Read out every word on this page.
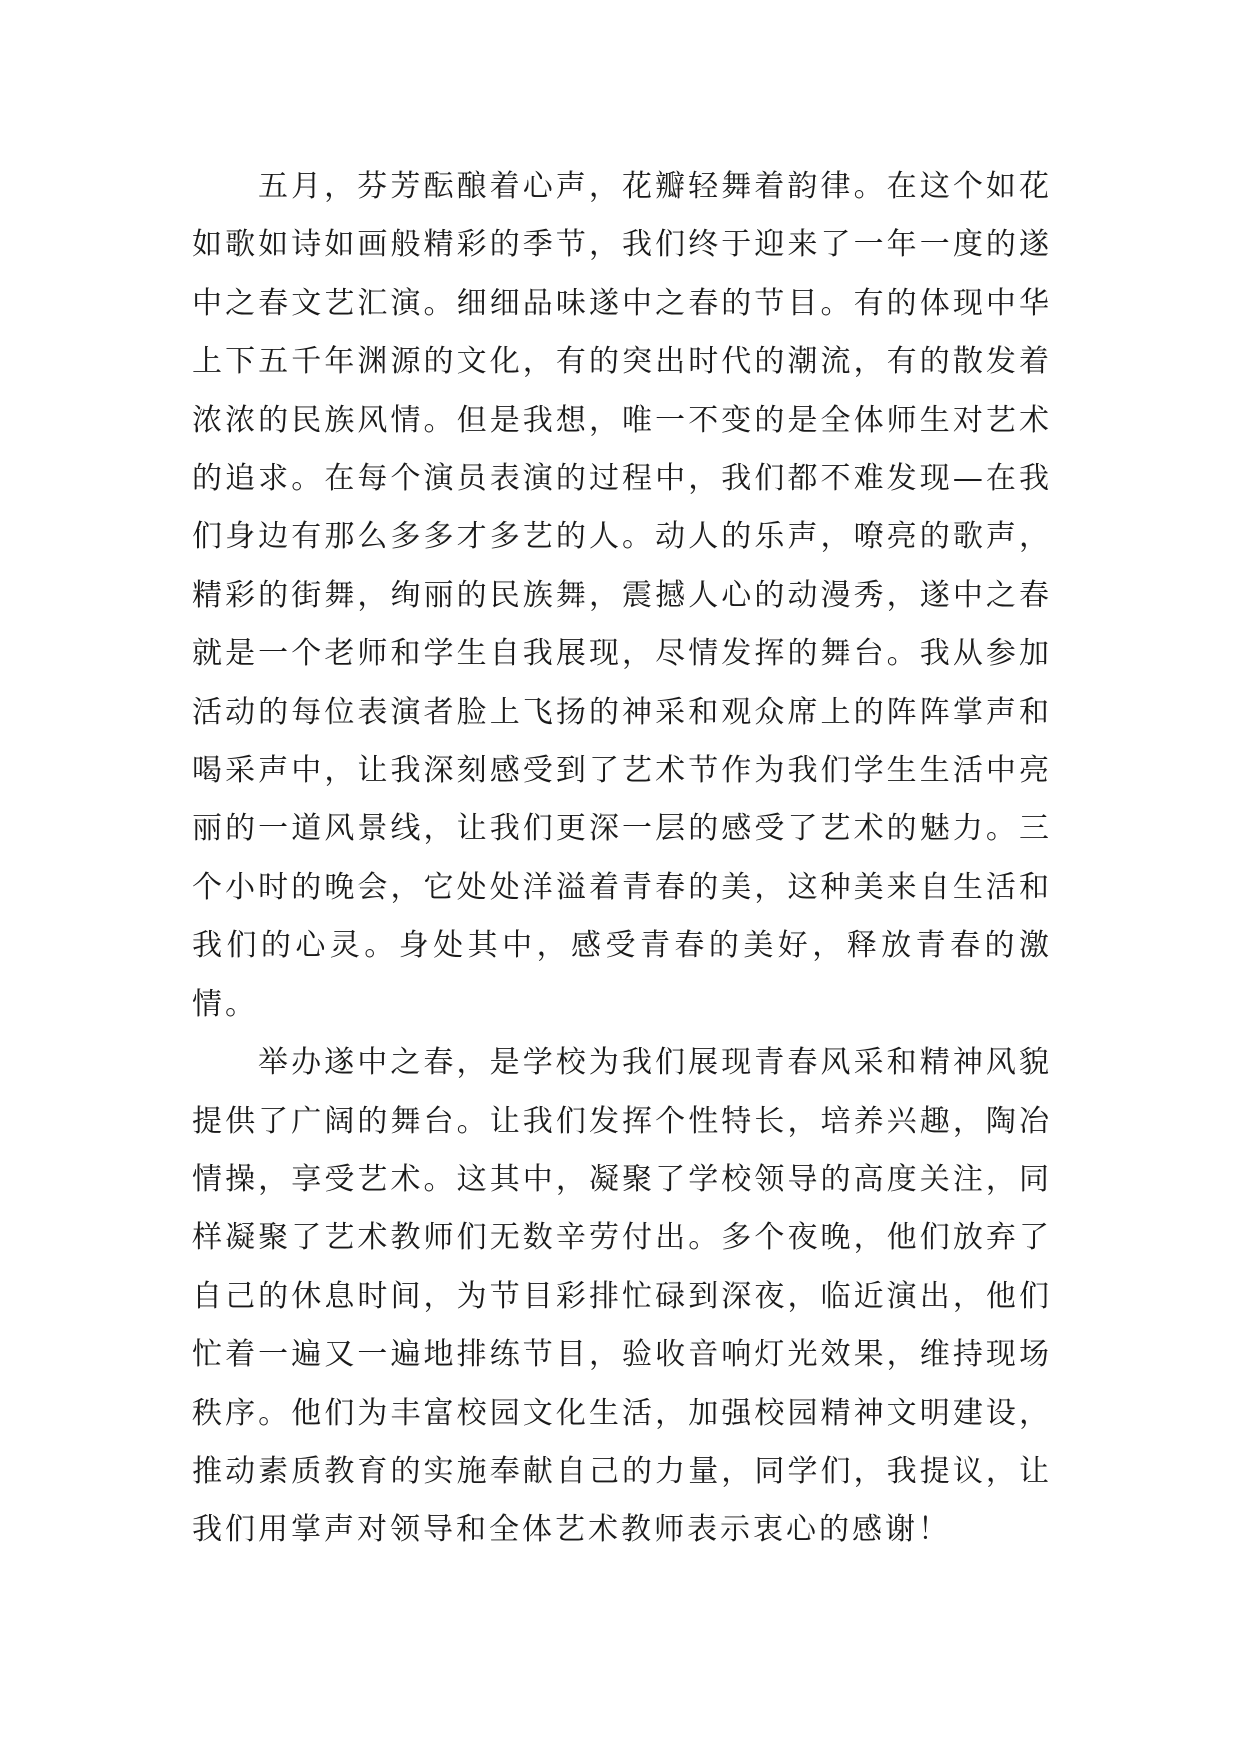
五月，芬芳酝酿着心声，花瓣轻舞着韵律。在这个如花如歌如诗如画般精彩的季节，我们终于迎来了一年一度的遂中之春文艺汇演。细细品味遂中之春的节目。有的体现中华上下五千年渊源的文化，有的突出时代的潮流，有的散发着浓浓的民族风情。但是我想，唯一不变的是全体师生对艺术的追求。在每个演员表演的过程中，我们都不难发现—在我们身边有那么多多才多艺的人。动人的乐声，嘹亮的歌声，精彩的街舞，绚丽的民族舞，震撼人心的动漫秀，遂中之春就是一个老师和学生自我展现，尽情发挥的舞台。我从参加活动的每位表演者脸上飞扬的神采和观众席上的阵阵掌声和喝采声中，让我深刻感受到了艺术节作为我们学生生活中亮丽的一道风景线，让我们更深一层的感受了艺术的魅力。三个小时的晚会，它处处洋溢着青春的美，这种美来自生活和我们的心灵。身处其中，感受青春的美好，释放青春的激情。

举办遂中之春，是学校为我们展现青春风采和精神风貌提供了广阔的舞台。让我们发挥个性特长，培养兴趣，陶冶情操，享受艺术。这其中，凝聚了学校领导的高度关注，同样凝聚了艺术教师们无数辛劳付出。多个夜晚，他们放弃了自己的休息时间，为节目彩排忙碌到深夜，临近演出，他们忙着一遍又一遍地排练节目，验收音响灯光效果，维持现场秩序。他们为丰富校园文化生活，加强校园精神文明建设，推动素质教育的实施奉献自己的力量，同学们，我提议，让我们用掌声对领导和全体艺术教师表示衷心的感谢！
